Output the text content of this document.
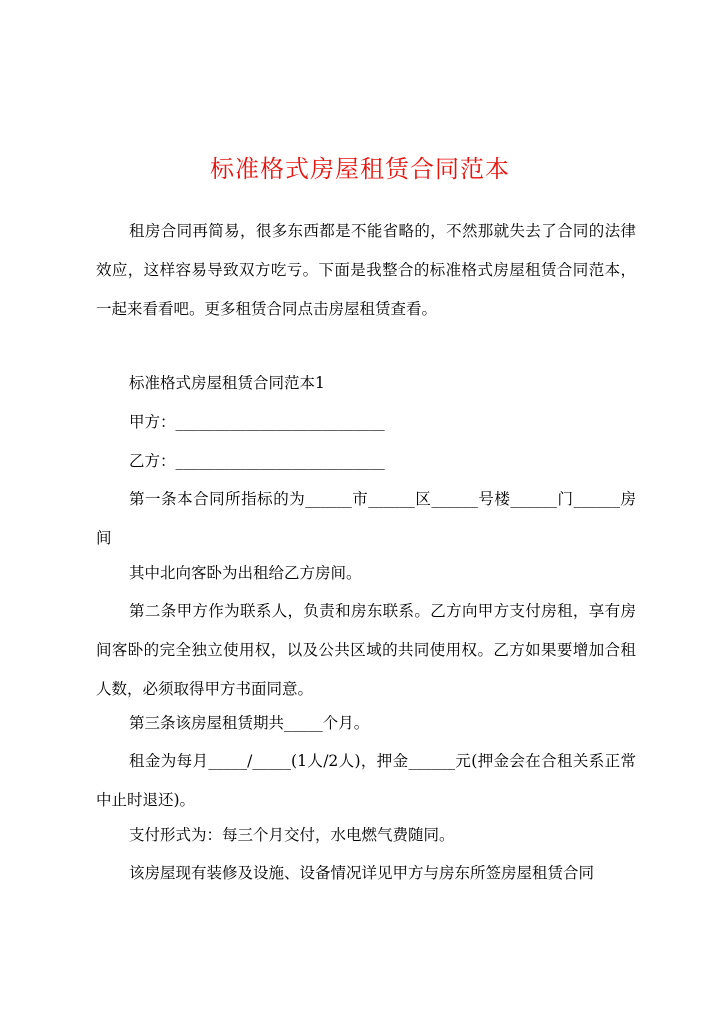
标准格式房屋租赁合同范本
租房合同再简易，很多东西都是不能省略的，不然那就失去了合同的法律效应，这样容易导致双方吃亏。下面是我整合的标准格式房屋租赁合同范本，一起来看看吧。更多租赁合同点击房屋租赁查看。
标准格式房屋租赁合同范本1
甲方：___________________________
乙方：___________________________
第一条本合同所指标的为______市______区______号楼______门______房间
其中北向客卧为出租给乙方房间。
第二条甲方作为联系人，负责和房东联系。乙方向甲方支付房租，享有房间客卧的完全独立使用权，以及公共区域的共同使用权。乙方如果要增加合租人数，必须取得甲方书面同意。
第三条该房屋租赁期共_____个月。
租金为每月_____/_____(1人/2人)，押金______元(押金会在合租关系正常中止时退还)。
支付形式为：每三个月交付，水电燃气费随同。
该房屋现有装修及设施、设备情况详见甲方与房东所签房屋租赁合同
